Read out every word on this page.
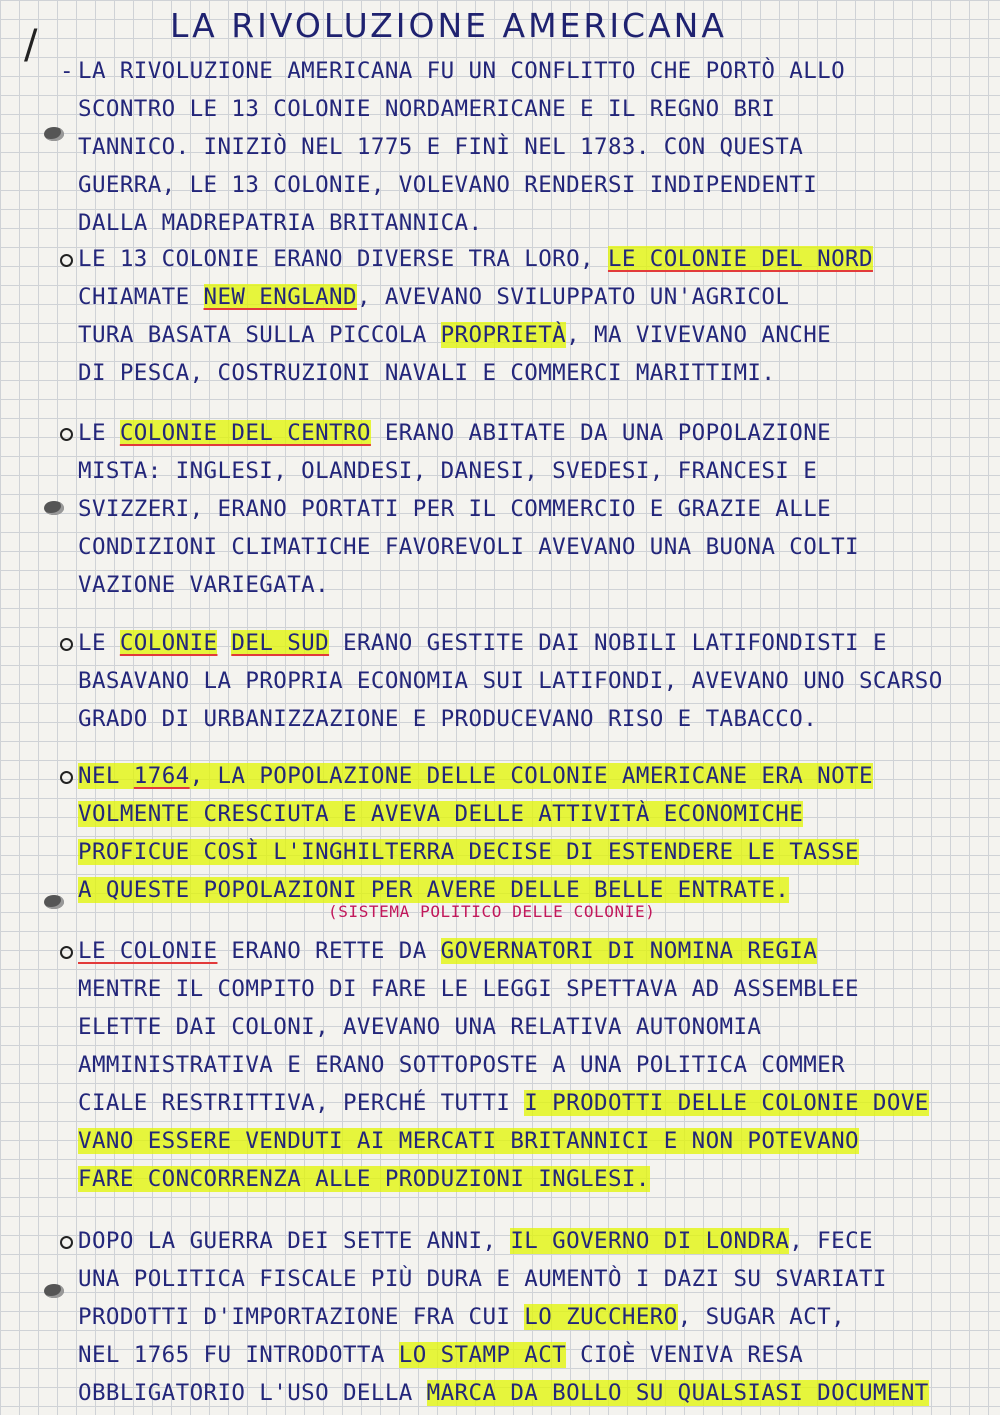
/	LA RIVOLUZIONE AMERICANA
- LA RIVOLUZIONE AMERICANA FU UN CONFLITTO CHE PORTÒ ALLO
SCONTRO LE 13 COLONIE NORDAMERICANE E IL REGNO BRI
TANNICO. INIZIÒ NEL 1775 E FINÌ NEL 1783. CON QUESTA
GUERRA, LE 13 COLONIE, VOLEVANO RENDERSI INDIPENDENTI
DALLA MADREPATRIA BRITANNICA.
LE 13 COLONIE ERANO DIVERSE TRA LORO, LE COLONIE DEL NORD
CHIAMATE NEW ENGLAND, AVEVANO SVILUPPATO UN'AGRICOL
TURA BASATA SULLA PICCOLA PROPRIETÀ, MA VIVEVANO ANCHE
DI PESCA, COSTRUZIONI NAVALI E COMMERCI MARITTIMI.
LE COLONIE DEL CENTRO ERANO ABITATE DA UNA POPOLAZIONE
MISTA: INGLESI, OLANDESI, DANESI, SVEDESI, FRANCESI E
SVIZZERI, ERANO PORTATI PER IL COMMERCIO E GRAZIE ALLE
CONDIZIONI CLIMATICHE FAVOREVOLI AVEVANO UNA BUONA COLTI
VAZIONE VARIEGATA.
LE COLONIE DEL SUD ERANO GESTITE DAI NOBILI LATIFONDISTI E
BASAVANO LA PROPRIA ECONOMIA SUI LATIFONDI, AVEVANO UNO SCARSO
GRADO DI URBANIZZAZIONE E PRODUCEVANO RISO E TABACCO.
NEL 1764, LA POPOLAZIONE DELLE COLONIE AMERICANE ERA NOTE
VOLMENTE CRESCIUTA E AVEVA DELLE ATTIVITÀ ECONOMICHE
PROFICUE COSÌ L'INGHILTERRA DECISE DI ESTENDERE LE TASSE
A QUESTE POPOLAZIONI PER AVERE DELLE BELLE ENTRATE.
(SISTEMA POLITICO DELLE COLONIE)
LE COLONIE ERANO RETTE DA GOVERNATORI DI NOMINA REGIA
MENTRE IL COMPITO DI FARE LE LEGGI SPETTAVA AD ASSEMBLEE
ELETTE DAI COLONI, AVEVANO UNA RELATIVA AUTONOMIA
AMMINISTRATIVA E ERANO SOTTOPOSTE A UNA POLITICA COMMER
CIALE RESTRITTIVA, PERCHÉ TUTTI I PRODOTTI DELLE COLONIE DOVE
VANO ESSERE VENDUTI AI MERCATI BRITANNICI E NON POTEVANO
FARE CONCORRENZA ALLE PRODUZIONI INGLESI.
DOPO LA GUERRA DEI SETTE ANNI, IL GOVERNO DI LONDRA, FECE
UNA POLITICA FISCALE PIÙ DURA E AUMENTÒ I DAZI SU SVARIATI
PRODOTTI D'IMPORTAZIONE FRA CUI LO ZUCCHERO, SUGAR ACT,
NEL 1765 FU INTRODOTTA LO STAMP ACT CIOÈ VENIVA RESA
OBBLIGATORIO L'USO DELLA MARCA DA BOLLO SU QUALSIASI DOCUMENT
